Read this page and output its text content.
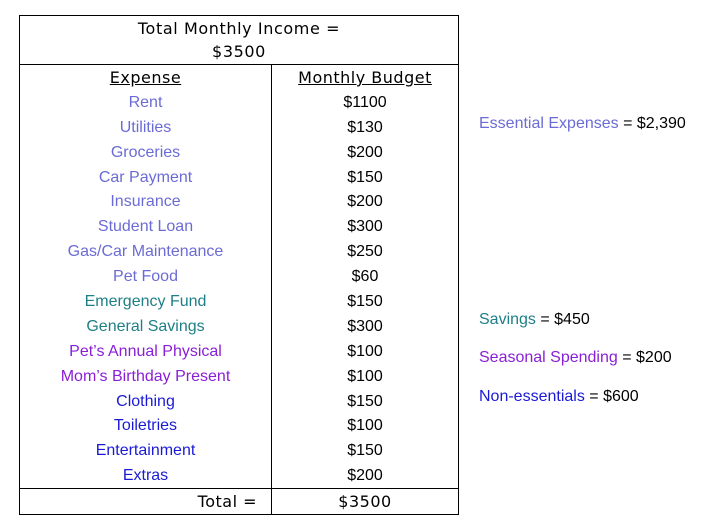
Total Monthly Income =
$3500
Expense	Monthly Budget
Rent	$1100
Utilities	$130
Groceries	$200
Car Payment	$150
Insurance	$200
Student Loan	$300
Gas/Car Maintenance	$250
Pet Food	$60
Emergency Fund	$150
General Savings	$300
Pet’s Annual Physical	$100
Mom’s Birthday Present	$100
Clothing	$150
Toiletries	$100
Entertainment	$150
Extras	$200
Total =	$3500
Essential Expenses = $2,390
Savings = $450
Seasonal Spending = $200
Non-essentials = $600
